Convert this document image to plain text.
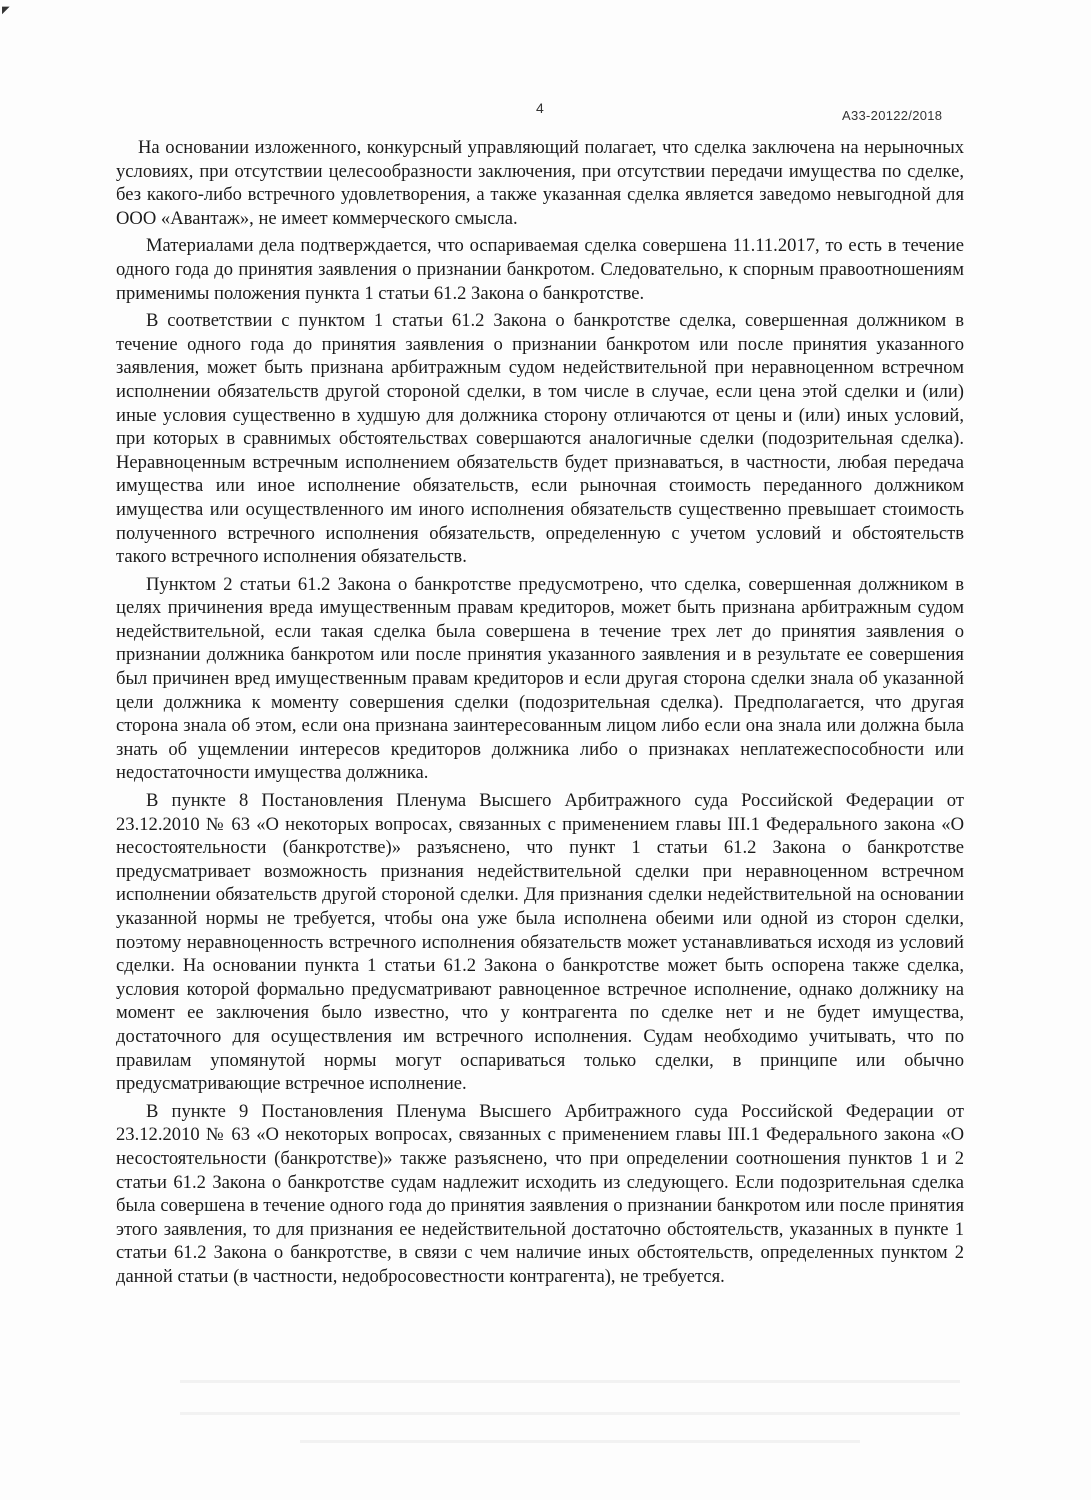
◤
4	А33-20122/2018

На основании изложенного, конкурсный управляющий полагает, что сделка заключена на нерыночных условиях, при отсутствии целесообразности заключения, при отсутствии передачи имущества по сделке, без какого-либо встречного удовлетворения, а также указанная сделка является заведомо невыгодной для ООО «Авантаж», не имеет коммерческого смысла.

Материалами дела подтверждается, что оспариваемая сделка совершена 11.11.2017, то есть в течение одного года до принятия заявления о признании банкротом. Следовательно, к спорным правоотношениям применимы положения пункта 1 статьи 61.2 Закона о банкротстве.

В соответствии с пунктом 1 статьи 61.2 Закона о банкротстве сделка, совершенная должником в течение одного года до принятия заявления о признании банкротом или после принятия указанного заявления, может быть признана арбитражным судом недействительной при неравноценном встречном исполнении обязательств другой стороной сделки, в том числе в случае, если цена этой сделки и (или) иные условия существенно в худшую для должника сторону отличаются от цены и (или) иных условий, при которых в сравнимых обстоятельствах совершаются аналогичные сделки (подозрительная сделка). Неравноценным встречным исполнением обязательств будет признаваться, в частности, любая передача имущества или иное исполнение обязательств, если рыночная стоимость переданного должником имущества или осуществленного им иного исполнения обязательств существенно превышает стоимость полученного встречного исполнения обязательств, определенную с учетом условий и обстоятельств такого встречного исполнения обязательств.

Пунктом 2 статьи 61.2 Закона о банкротстве предусмотрено, что сделка, совершенная должником в целях причинения вреда имущественным правам кредиторов, может быть признана арбитражным судом недействительной, если такая сделка была совершена в течение трех лет до принятия заявления о признании должника банкротом или после принятия указанного заявления и в результате ее совершения был причинен вред имущественным правам кредиторов и если другая сторона сделки знала об указанной цели должника к моменту совершения сделки (подозрительная сделка). Предполагается, что другая сторона знала об этом, если она признана заинтересованным лицом либо если она знала или должна была знать об ущемлении интересов кредиторов должника либо о признаках неплатежеспособности или недостаточности имущества должника.

В пункте 8 Постановления Пленума Высшего Арбитражного суда Российской Федерации от 23.12.2010 № 63 «О некоторых вопросах, связанных с применением главы III.1 Федерального закона «О несостоятельности (банкротстве)» разъяснено, что пункт 1 статьи 61.2 Закона о банкротстве предусматривает возможность признания недействительной сделки при неравноценном встречном исполнении обязательств другой стороной сделки. Для признания сделки недействительной на основании указанной нормы не требуется, чтобы она уже была исполнена обеими или одной из сторон сделки, поэтому неравноценность встречного исполнения обязательств может устанавливаться исходя из условий сделки. На основании пункта 1 статьи 61.2 Закона о банкротстве может быть оспорена также сделка, условия которой формально предусматривают равноценное встречное исполнение, однако должнику на момент ее заключения было известно, что у контрагента по сделке нет и не будет имущества, достаточного для осуществления им встречного исполнения. Судам необходимо учитывать, что по правилам упомянутой нормы могут оспариваться только сделки, в принципе или обычно предусматривающие встречное исполнение.

В пункте 9 Постановления Пленума Высшего Арбитражного суда Российской Федерации от 23.12.2010 № 63 «О некоторых вопросах, связанных с применением главы III.1 Федерального закона «О несостоятельности (банкротстве)» также разъяснено, что при определении соотношения пунктов 1 и 2 статьи 61.2 Закона о банкротстве судам надлежит исходить из следующего. Если подозрительная сделка была совершена в течение одного года до принятия заявления о признании банкротом или после принятия этого заявления, то для признания ее недействительной достаточно обстоятельств, указанных в пункте 1 статьи 61.2 Закона о банкротстве, в связи с чем наличие иных обстоятельств, определенных пунктом 2 данной статьи (в частности, недобросовестности контрагента), не требуется.
